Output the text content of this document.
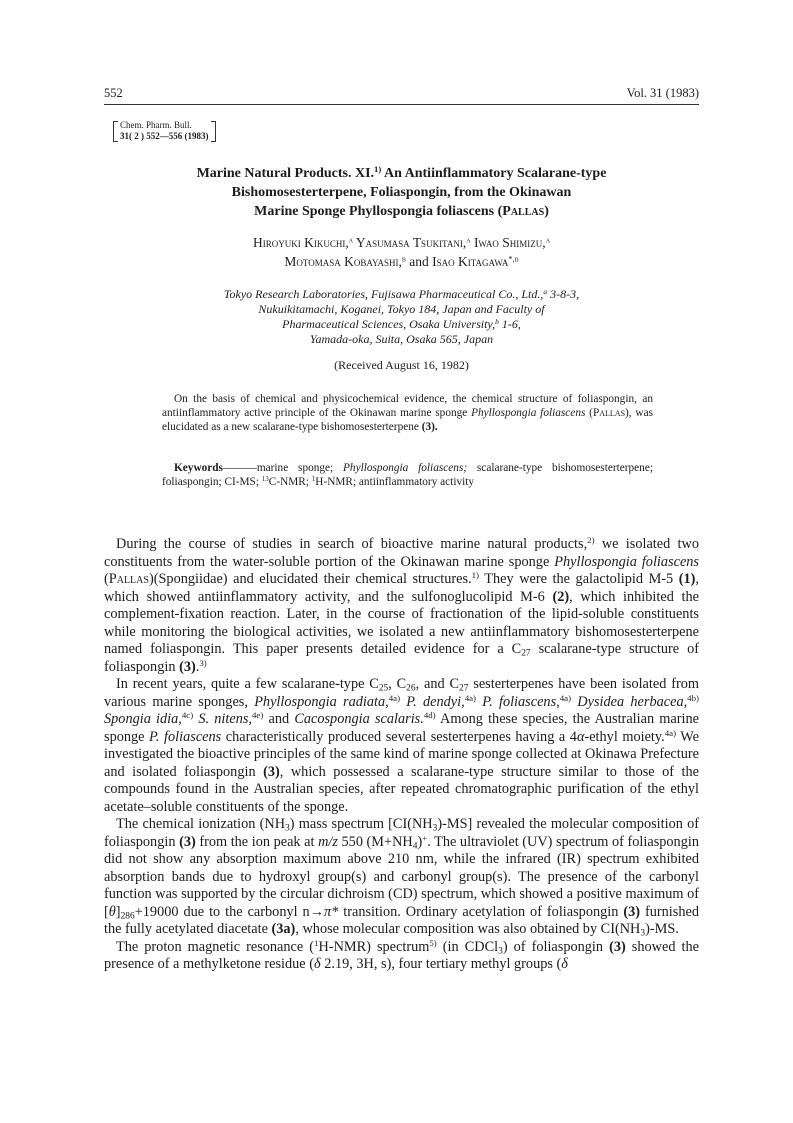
552	Vol. 31 (1983)
Chem. Pharm. Bull.
31( 2 ) 552—556 (1983)
Marine Natural Products. XI.$^{1)}$ An Antiinflammatory Scalarane-type
Bishomosesterterpene, Foliaspongin, from the Okinawan
Marine Sponge Phyllospongia foliascens (Pallas)
Hiroyuki Kikuchi,$^a$ Yasumasa Tsukitani,$^a$ Iwao Shimizu,$^a$
Motomasa Kobayashi,$^b$ and Isao Kitagawa$^{*,b}$
Tokyo Research Laboratories, Fujisawa Pharmaceutical Co., Ltd.,$^a$ 3-8-3,
Nukuikitamachi, Koganei, Tokyo 184, Japan and Faculty of
Pharmaceutical Sciences, Osaka University,$^b$ 1-6,
Yamada-oka, Suita, Osaka 565, Japan
(Received August 16, 1982)

On the basis of chemical and physicochemical evidence, the chemical structure of foliaspongin, an antiinflammatory active principle of the Okinawan marine sponge Phyllospongia foliascens (Pallas), was elucidated as a new scalarane-type bishomosesterterpene (3).

Keywords———marine sponge; Phyllospongia foliascens; scalarane-type bishomosesterterpene; foliaspongin; CI-MS; $^{13}$C-NMR; $^1$H-NMR; antiinflammatory activity

During the course of studies in search of bioactive marine natural products,$^{2)}$ we isolated two constituents from the water-soluble portion of the Okinawan marine sponge Phyllospongia foliascens (Pallas)(Spongiidae) and elucidated their chemical structures.$^{1)}$ They were the galactolipid M-5 (1), which showed antiinflammatory activity, and the sulfonoglucolipid M-6 (2), which inhibited the complement-fixation reaction. Later, in the course of fractionation of the lipid-soluble constituents while monitoring the biological activities, we isolated a new antiinflammatory bishomosesterterpene named foliaspongin. This paper presents detailed evidence for a $C_{27}$ scalarane-type structure of foliaspongin (3).$^{3)}$

In recent years, quite a few scalarane-type $C_{25}$, $C_{26}$, and $C_{27}$ sesterterpenes have been isolated from various marine sponges, Phyllospongia radiata,$^{4a)}$ P. dendyi,$^{4a)}$ P. foliascens,$^{4a)}$ Dysidea herbacea,$^{4b)}$ Spongia idia,$^{4c)}$ S. nitens,$^{4e)}$ and Cacospongia scalaris.$^{4d)}$ Among these species, the Australian marine sponge P. foliascens characteristically produced several sesterterpenes having a 4α-ethyl moiety.$^{4a)}$ We investigated the bioactive principles of the same kind of marine sponge collected at Okinawa Prefecture and isolated foliaspongin (3), which possessed a scalarane-type structure similar to those of the compounds found in the Australian species, after repeated chromatographic purification of the ethyl acetate–soluble constituents of the sponge.

The chemical ionization $(NH_3)$ mass spectrum $[CI(NH_3)-MS]$ revealed the molecular composition of foliaspongin (3) from the ion peak at m/z 550 $(M+NH_4)^+$. The ultraviolet (UV) spectrum of foliaspongin did not show any absorption maximum above 210 nm, while the infrared (IR) spectrum exhibited absorption bands due to hydroxyl group(s) and carbonyl group(s). The presence of the carbonyl function was supported by the circular dichroism (CD) spectrum, which showed a positive maximum of $[\theta]_{286}+19000$ due to the carbonyl n→π* transition. Ordinary acetylation of foliaspongin (3) furnished the fully acetylated diacetate (3a), whose molecular composition was also obtained by $CI(NH_3)-MS$.

The proton magnetic resonance ($^1$H-NMR) spectrum$^{5)}$ (in CDCl$_3$) of foliaspongin (3) showed the presence of a methylketone residue (δ 2.19, 3H, s), four tertiary methyl groups (δ
